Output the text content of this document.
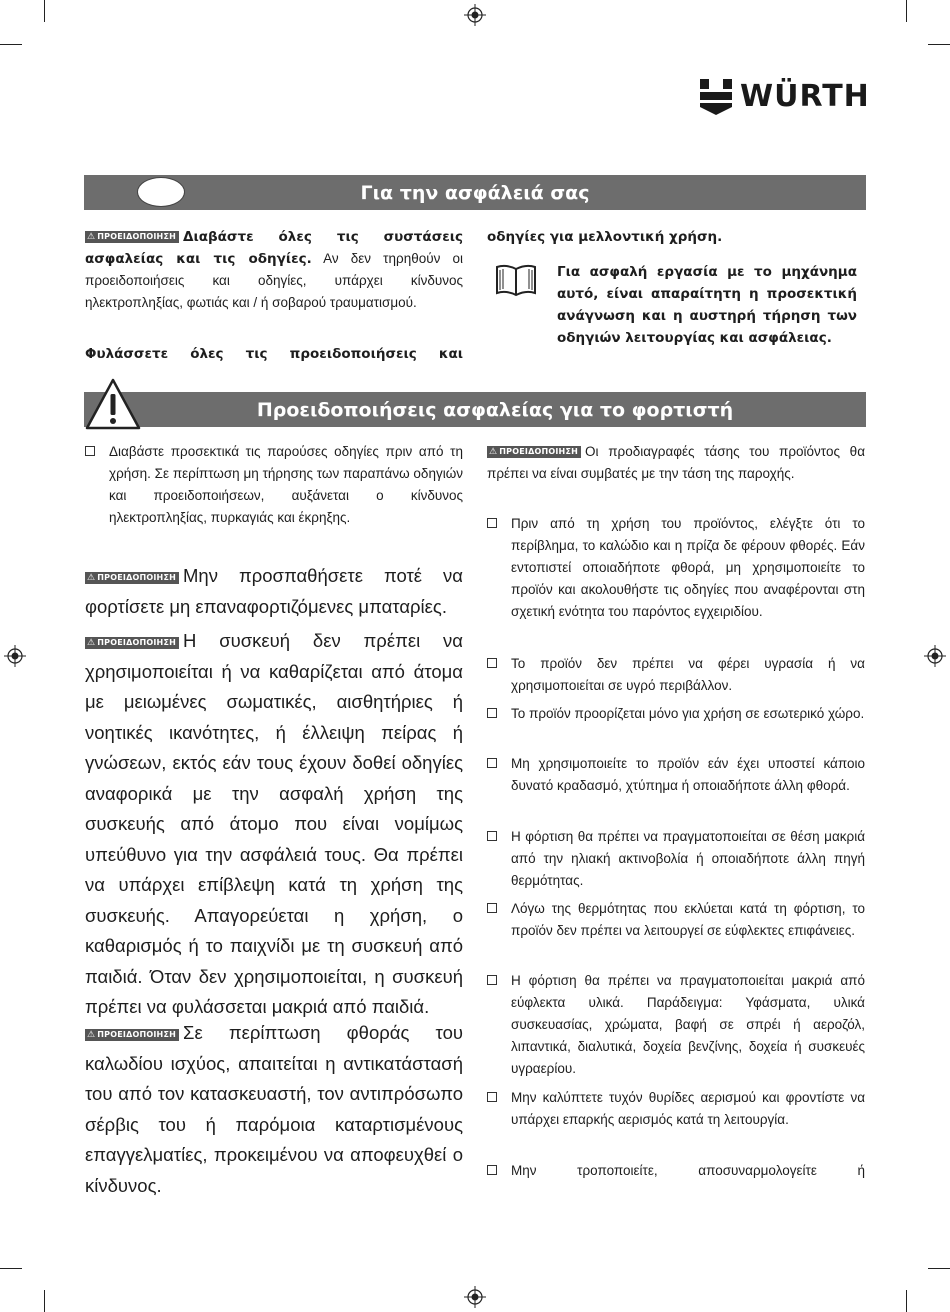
WÜRTH
Για την ασφάλειά σας
⚠ ΠΡΟΕΙΔΟΠΟΙΗΣΗ Διαβάστε όλες τις συστάσεις ασφαλείας και τις οδηγίες. Αν δεν τηρηθούν οι προειδοποιήσεις και οδηγίες, υπάρχει κίνδυνος ηλεκτροπληξίας, φωτιάς και / ή σοβαρού τραυματισμού.
Φυλάσσετε όλες τις προειδοποιήσεις και
οδηγίες για μελλοντική χρήση.
Για ασφαλή εργασία με το μηχάνημα αυτό, είναι απαραίτητη η προσεκτική ανάγνωση και η αυστηρή τήρηση των οδηγιών λειτουργίας και ασφάλειας.
Προειδοποιήσεις ασφαλείας για το φορτιστή
Διαβάστε προσεκτικά τις παρούσες οδηγίες πριν από τη χρήση. Σε περίπτωση μη τήρησης των παραπάνω οδηγιών και προειδοποιήσεων, αυξάνεται ο κίνδυνος ηλεκτροπληξίας, πυρκαγιάς και έκρηξης.
⚠ ΠΡΟΕΙΔΟΠΟΙΗΣΗ Μην προσπαθήσετε ποτέ να φορτίσετε μη επαναφορτιζόμενες μπαταρίες.
⚠ ΠΡΟΕΙΔΟΠΟΙΗΣΗ Η συσκευή δεν πρέπει να χρησιμοποιείται ή να καθαρίζεται από άτομα με μειωμένες σωματικές, αισθητήριες ή νοητικές ικανότητες, ή έλλειψη πείρας ή γνώσεων, εκτός εάν τους έχουν δοθεί οδηγίες αναφορικά με την ασφαλή χρήση της συσκευής από άτομο που είναι νομίμως υπεύθυνο για την ασφάλειά τους. Θα πρέπει να υπάρχει επίβλεψη κατά τη χρήση της συσκευής. Απαγορεύεται η χρήση, ο καθαρισμός ή το παιχνίδι με τη συσκευή από παιδιά. Όταν δεν χρησιμοποιείται, η συσκευή πρέπει να φυλάσσεται μακριά από παιδιά.
⚠ ΠΡΟΕΙΔΟΠΟΙΗΣΗ Σε περίπτωση φθοράς του καλωδίου ισχύος, απαιτείται η αντικατάστασή του από τον κατασκευαστή, τον αντιπρόσωπο σέρβις του ή παρόμοια καταρτισμένους επαγγελματίες, προκειμένου να αποφευχθεί ο κίνδυνος.
⚠ ΠΡΟΕΙΔΟΠΟΙΗΣΗ Οι προδιαγραφές τάσης του προϊόντος θα πρέπει να είναι συμβατές με την τάση της παροχής.
Πριν από τη χρήση του προϊόντος, ελέγξτε ότι το περίβλημα, το καλώδιο και η πρίζα δε φέρουν φθορές. Εάν εντοπιστεί οποιαδήποτε φθορά, μη χρησιμοποιείτε το προϊόν και ακολουθήστε τις οδηγίες που αναφέρονται στη σχετική ενότητα του παρόντος εγχειριδίου.
Το προϊόν δεν πρέπει να φέρει υγρασία ή να χρησιμοποιείται σε υγρό περιβάλλον.
Το προϊόν προορίζεται μόνο για χρήση σε εσωτερικό χώρο.
Μη χρησιμοποιείτε το προϊόν εάν έχει υποστεί κάποιο δυνατό κραδασμό, χτύπημα ή οποιαδήποτε άλλη φθορά.
Η φόρτιση θα πρέπει να πραγματοποιείται σε θέση μακριά από την ηλιακή ακτινοβολία ή οποιαδήποτε άλλη πηγή θερμότητας.
Λόγω της θερμότητας που εκλύεται κατά τη φόρτιση, το προϊόν δεν πρέπει να λειτουργεί σε εύφλεκτες επιφάνειες.
Η φόρτιση θα πρέπει να πραγματοποιείται μακριά από εύφλεκτα υλικά. Παράδειγμα: Υφάσματα, υλικά συσκευασίας, χρώματα, βαφή σε σπρέι ή αεροζόλ, λιπαντικά, διαλυτικά, δοχεία βενζίνης, δοχεία ή συσκευές υγραερίου.
Μην καλύπτετε τυχόν θυρίδες αερισμού και φροντίστε να υπάρχει επαρκής αερισμός κατά τη λειτουργία.
Μην τροποποιείτε, αποσυναρμολογείτε ή
